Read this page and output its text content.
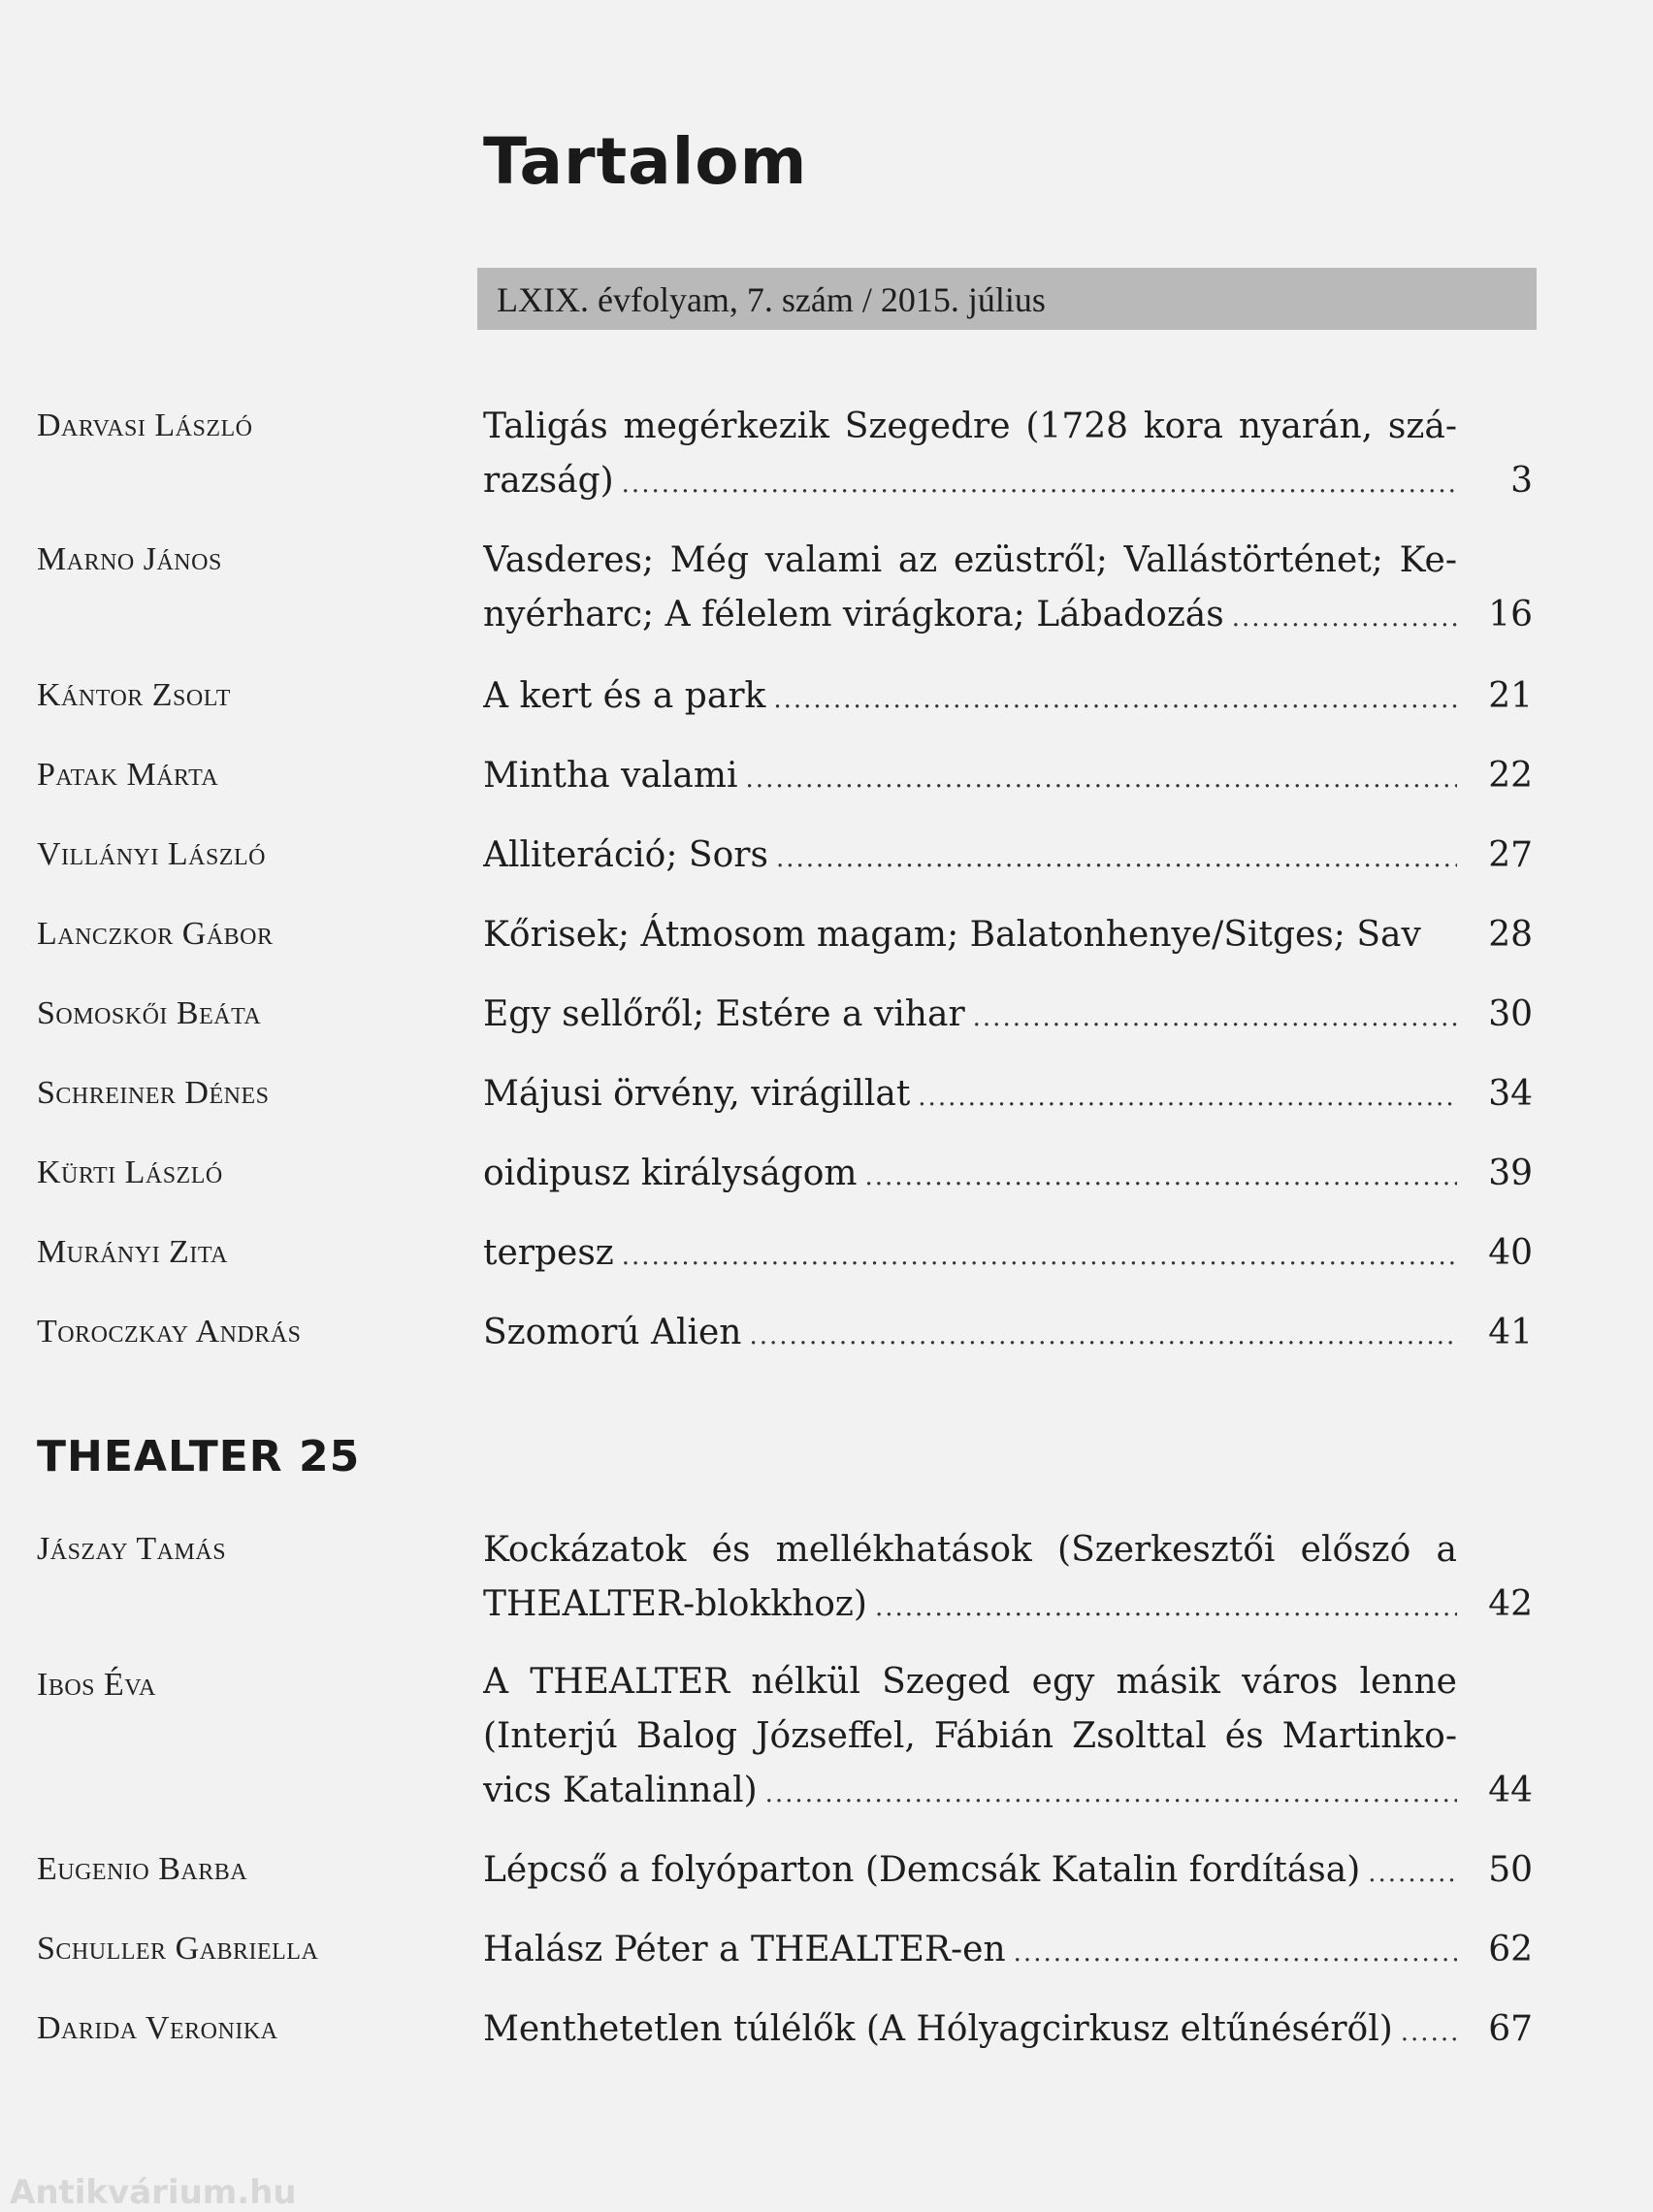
Tartalom
LXIX. évfolyam, 7. szám / 2015. július
Darvasi László	Taligás megérkezik Szegedre (1728 kora nyarán, szá-
razság) .....	3
Marno János	Vasderes; Még valami az ezüstről; Vallástörténet; Ke-
nyérharc; A félelem virágkora; Lábadozás .....	16
Kántor Zsolt	A kert és a park .....	21
Patak Márta	Mintha valami .....	22
Villányi László	Alliteráció; Sors .....	27
Lanczkor Gábor	Kőrisek; Átmosom magam; Balatonhenye/Sitges; Sav	28
Somoskői Beáta	Egy sellőről; Estére a vihar .....	30
Schreiner Dénes	Májusi örvény, virágillat .....	34
Kürti László	oidipusz királyságom .....	39
Murányi Zita	terpesz .....	40
Toroczkay András	Szomorú Alien .....	41
THEALTER 25
Jászay Tamás	Kockázatok és mellékhatások (Szerkesztői előszó a
THEALTER-blokkhoz) .....	42
Ibos Éva	A THEALTER nélkül Szeged egy másik város lenne
(Interjú Balog Józseffel, Fábián Zsolttal és Martinko-
vics Katalinnal) .....	44
Eugenio Barba	Lépcső a folyóparton (Demcsák Katalin fordítása) .....	50
Schuller Gabriella	Halász Péter a THEALTER-en .....	62
Darida Veronika	Menthetetlen túlélők (A Hólyagcirkusz eltűnéséről) .....	67
Antikvárium.hu
